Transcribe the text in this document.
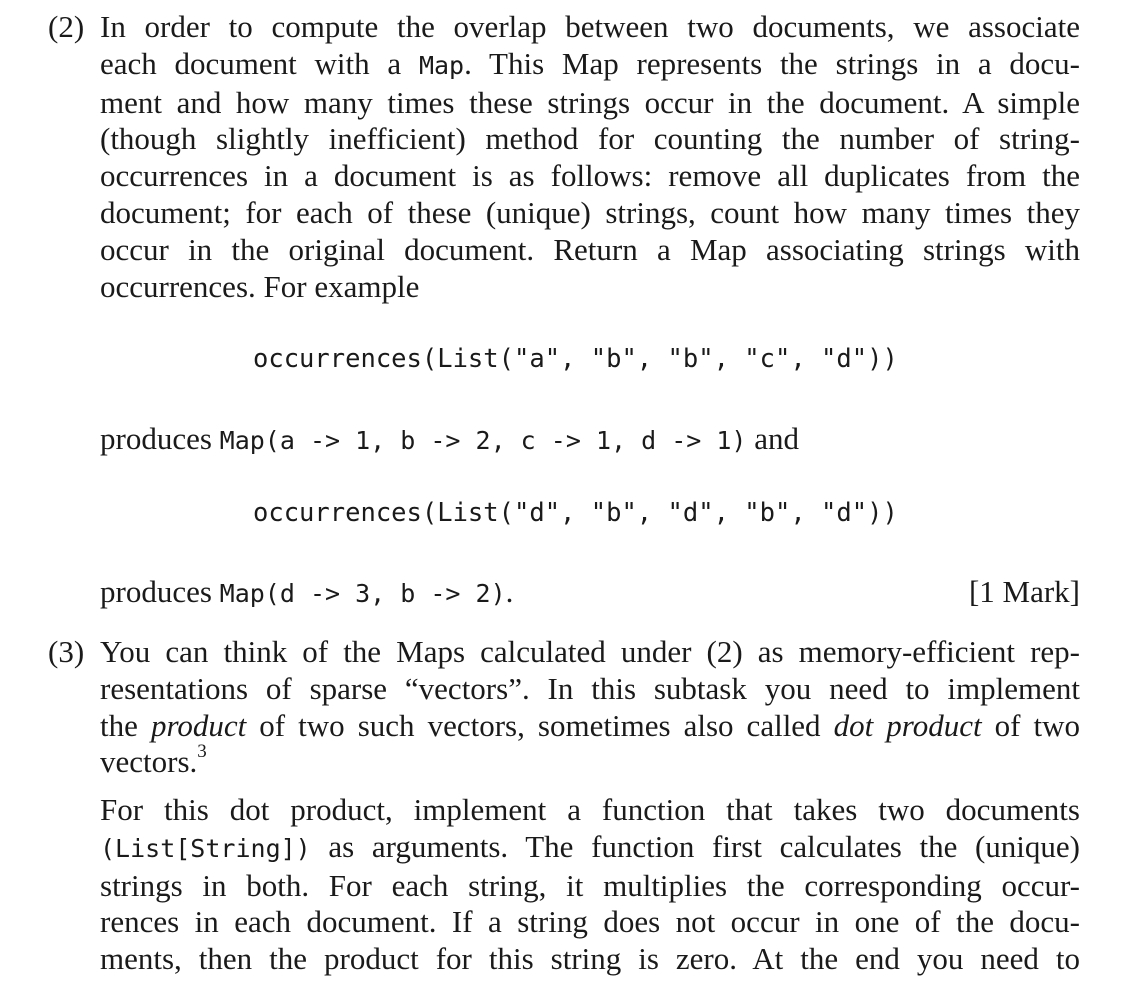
(2) In order to compute the overlap between two documents, we associate
each document with a Map. This Map represents the strings in a docu-
ment and how many times these strings occur in the document. A simple
(though slightly inefficient) method for counting the number of string-
occurrences in a document is as follows: remove all duplicates from the
document; for each of these (unique) strings, count how many times they
occur in the original document. Return a Map associating strings with
occurrences. For example
occurrences(List("a", "b", "b", "c", "d"))
produces Map(a -> 1, b -> 2, c -> 1, d -> 1) and
occurrences(List("d", "b", "d", "b", "d"))
produces Map(d -> 3, b -> 2).	[1 Mark]
(3) You can think of the Maps calculated under (2) as memory-efficient rep-
resentations of sparse “vectors”. In this subtask you need to implement
the product of two such vectors, sometimes also called dot product of two
vectors.$^3$
For this dot product, implement a function that takes two documents
(List[String]) as arguments. The function first calculates the (unique)
strings in both. For each string, it multiplies the corresponding occur-
rences in each document. If a string does not occur in one of the docu-
ments, then the product for this string is zero. At the end you need to
